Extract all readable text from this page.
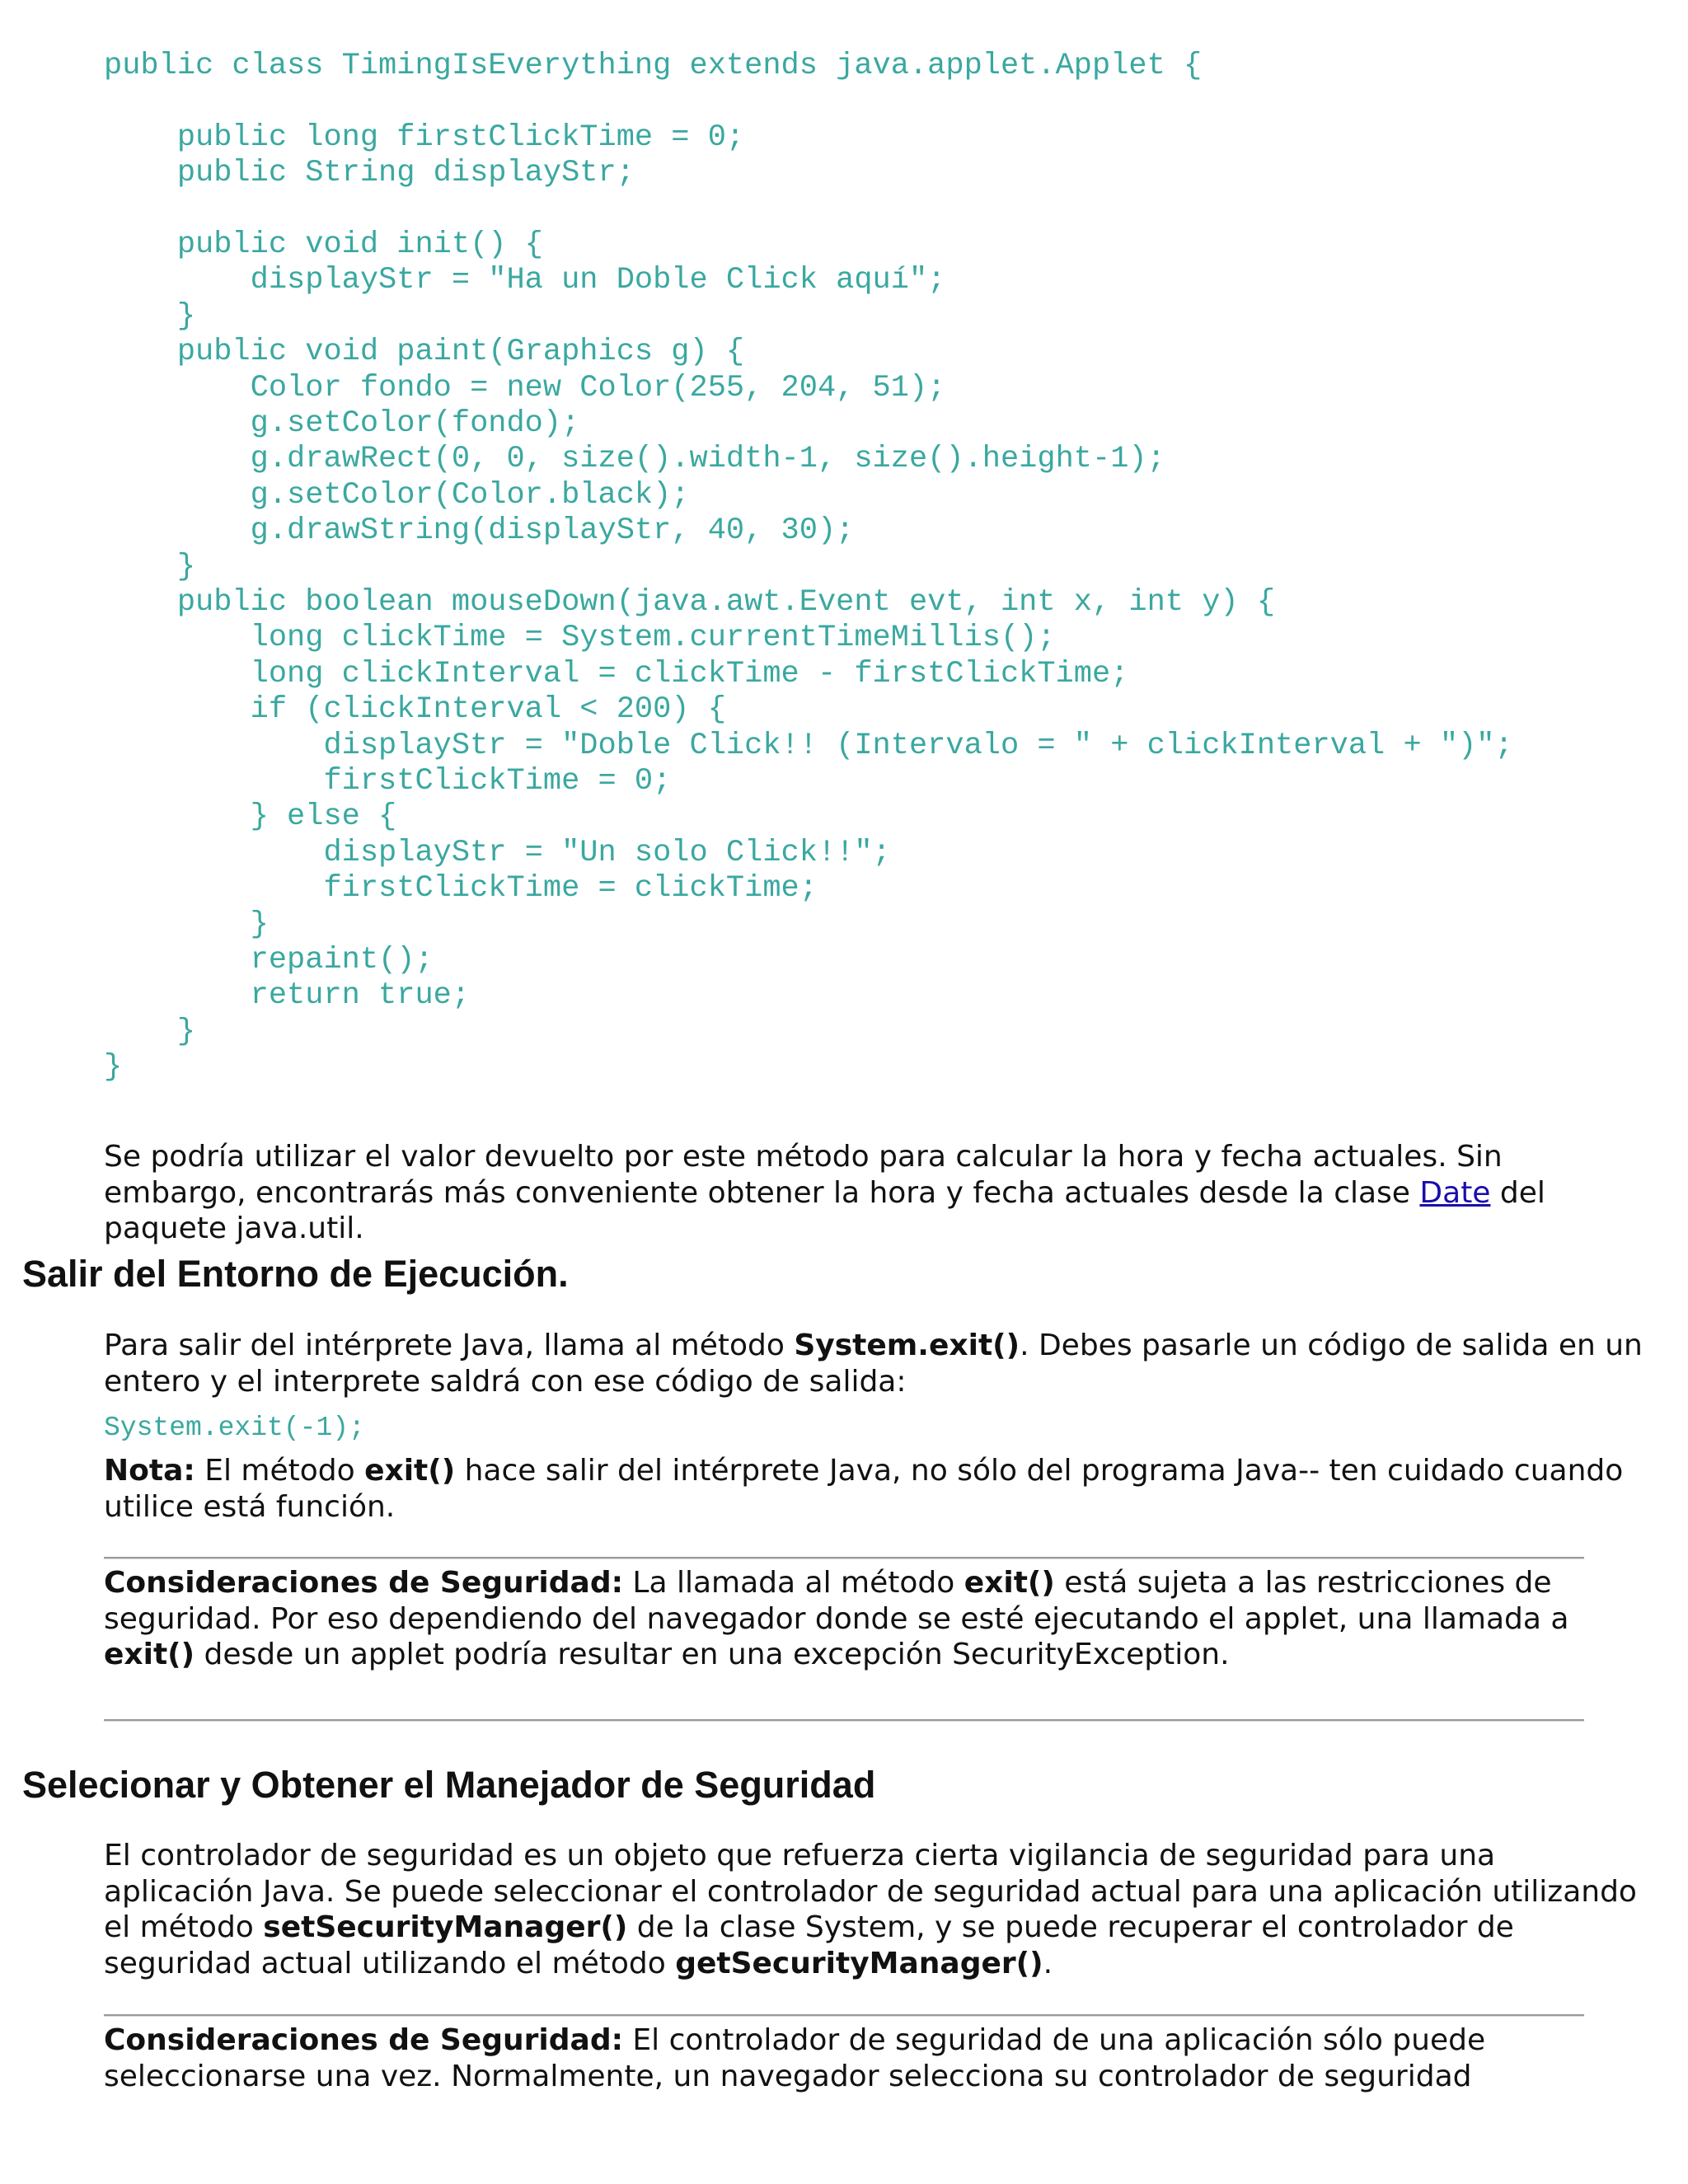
public class TimingIsEverything extends java.applet.Applet {
public long firstClickTime = 0;
public String displayStr;
public void init() {
displayStr = "Ha un Doble Click aquí";
}
public void paint(Graphics g) {
Color fondo = new Color(255, 204, 51);
g.setColor(fondo);
g.drawRect(0, 0, size().width-1, size().height-1);
g.setColor(Color.black);
g.drawString(displayStr, 40, 30);
}
public boolean mouseDown(java.awt.Event evt, int x, int y) {
long clickTime = System.currentTimeMillis();
long clickInterval = clickTime - firstClickTime;
if (clickInterval < 200) {
displayStr = "Doble Click!! (Intervalo = " + clickInterval + ")";
firstClickTime = 0;
} else {
displayStr = "Un solo Click!!";
firstClickTime = clickTime;
}
repaint();
return true;
}
}

Se podría utilizar el valor devuelto por este método para calcular la hora y fecha actuales. Sin embargo, encontrarás más conveniente obtener la hora y fecha actuales desde la clase Date del paquete java.util.

Salir del Entorno de Ejecución.

Para salir del intérprete Java, llama al método System.exit(). Debes pasarle un código de salida en un entero y el interprete saldrá con ese código de salida:

System.exit(-1);

Nota: El método exit() hace salir del intérprete Java, no sólo del programa Java-- ten cuidado cuando utilice está función.

Consideraciones de Seguridad: La llamada al método exit() está sujeta a las restricciones de seguridad. Por eso dependiendo del navegador donde se esté ejecutando el applet, una llamada a exit() desde un applet podría resultar en una excepción SecurityException.

Selecionar y Obtener el Manejador de Seguridad

El controlador de seguridad es un objeto que refuerza cierta vigilancia de seguridad para una aplicación Java. Se puede seleccionar el controlador de seguridad actual para una aplicación utilizando el método setSecurityManager() de la clase System, y se puede recuperar el controlador de seguridad actual utilizando el método getSecurityManager().

Consideraciones de Seguridad: El controlador de seguridad de una aplicación sólo puede seleccionarse una vez. Normalmente, un navegador selecciona su controlador de seguridad
